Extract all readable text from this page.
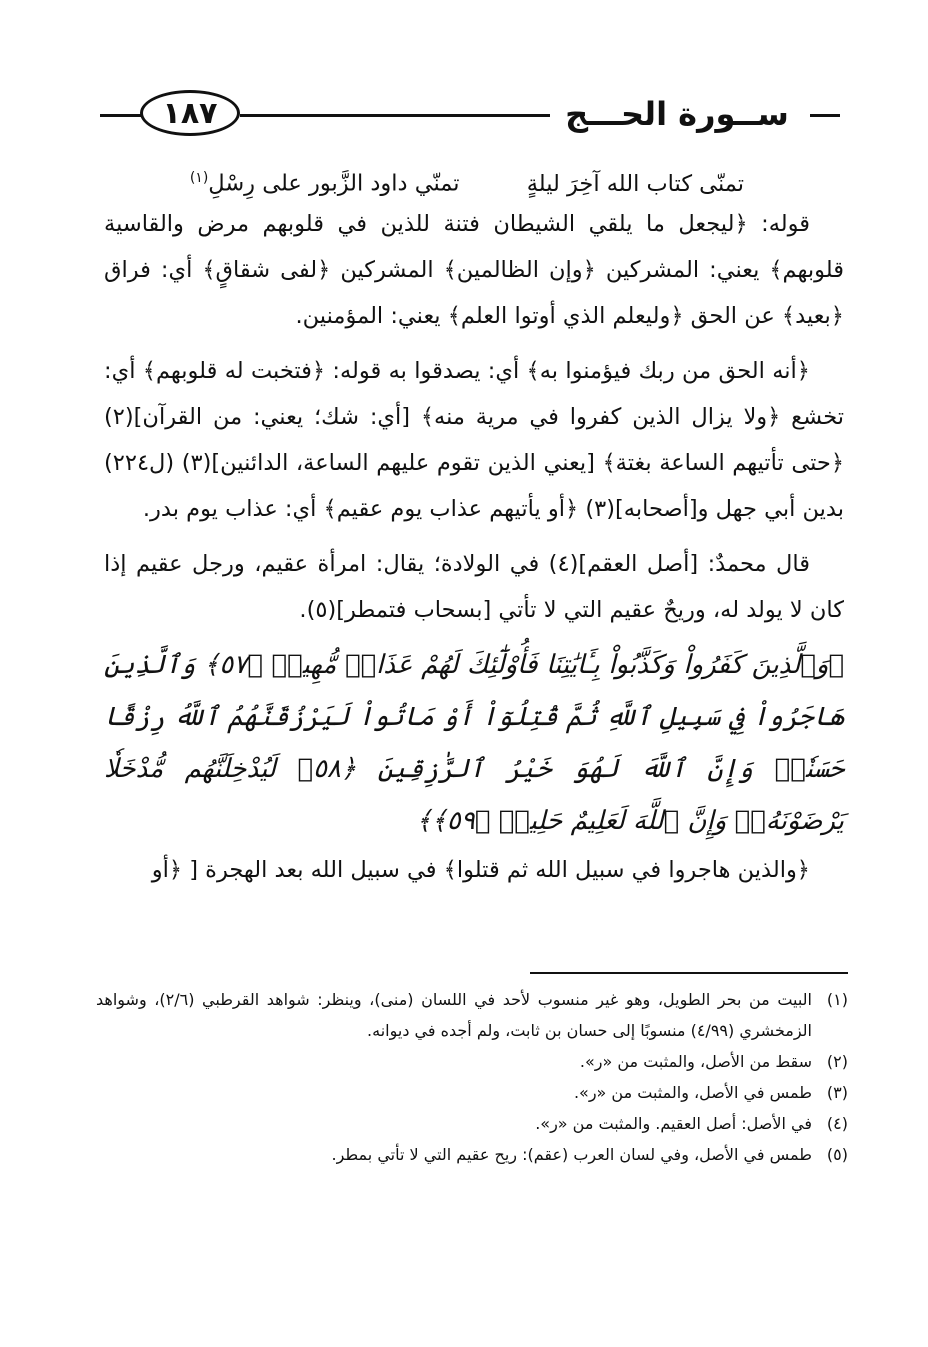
١٨٧	ســورة الحـــج
تمنّى كتاب الله آخِرَ ليلةٍ تمنّي داود الزَّبور على رِسْلِ$^{(١)}$

قوله: ﴿ليجعل ما يلقي الشيطان فتنة للذين في قلوبهم مرض والقاسية قلوبهم﴾ يعني: المشركين ﴿وإن الظالمين﴾ المشركين ﴿لفى شقاقٍ﴾ أي: فراق ﴿بعيد﴾ عن الحق ﴿وليعلم الذي أوتوا العلم﴾ يعني: المؤمنين.

﴿أنه الحق من ربك فيؤمنوا به﴾ أي: يصدقوا به قوله: ﴿فتخبت له قلوبهم﴾ أي: تخشع ﴿ولا يزال الذين كفروا في مرية منه﴾ [أي: شك؛ يعني: من القرآن](٢) ﴿حتى تأتيهم الساعة بغتة﴾ [يعني الذين تقوم عليهم الساعة، الدائنين](٣) (ل٢٢٤) بدين أبي جهل و[أصحابه](٣) ﴿أو يأتيهم عذاب يوم عقيم﴾ أي: عذاب يوم بدر.

قال محمدٌ: [أصل العقم](٤) في الولادة؛ يقال: امرأة عقيم، ورجل عقيم إذا كان لا يولد له، وريحٌ عقيم التي لا تأتي [بسحاب فتمطر](٥).

﴿وَٱلَّذِينَ كَفَرُواْ وَكَذَّبُواْ بِـَٔايَٰتِنَا فَأُوْلَٰٓئِكَ لَهُمْ عَذَابٞ مُّهِينٞ ﴿٥٧﴾ وَٱلَّذِينَ هَاجَرُواْ فِي سَبِيلِ ٱللَّهِ ثُمَّ قُتِلُوٓاْ أَوْ مَاتُواْ لَيَرْزُقَنَّهُمُ ٱللَّهُ رِزْقًا حَسَنٗاۚ وَإِنَّ ٱللَّهَ لَهُوَ خَيْرُ ٱلرَّٰزِقِينَ ﴿٥٨﴾ لَيُدْخِلَنَّهُم مُّدْخَلٗا يَرْضَوْنَهُۥۗ وَإِنَّ ٱللَّهَ لَعَلِيمٌ حَلِيمٞ ﴿٥٩﴾﴾

﴿والذين هاجروا في سبيل الله ثم قتلوا﴾ في سبيل الله بعد الهجرة [ ﴿أو

(١)
البيت من بحر الطويل، وهو غير منسوب لأحد في اللسان (منى)، وينظر: شواهد القرطبي (٢/٦)، وشواهد الزمخشري (٤/٩٩) منسوبًا إلى حسان بن ثابت، ولم أجده في ديوانه.
(٢)
سقط من الأصل، والمثبت من «ر».
(٣)
طمس في الأصل، والمثبت من «ر».
(٤)
في الأصل: أصل العقيم. والمثبت من «ر».
(٥)
طمس في الأصل، وفي لسان العرب (عقم): ريح عقيم التي لا تأتي بمطر.
